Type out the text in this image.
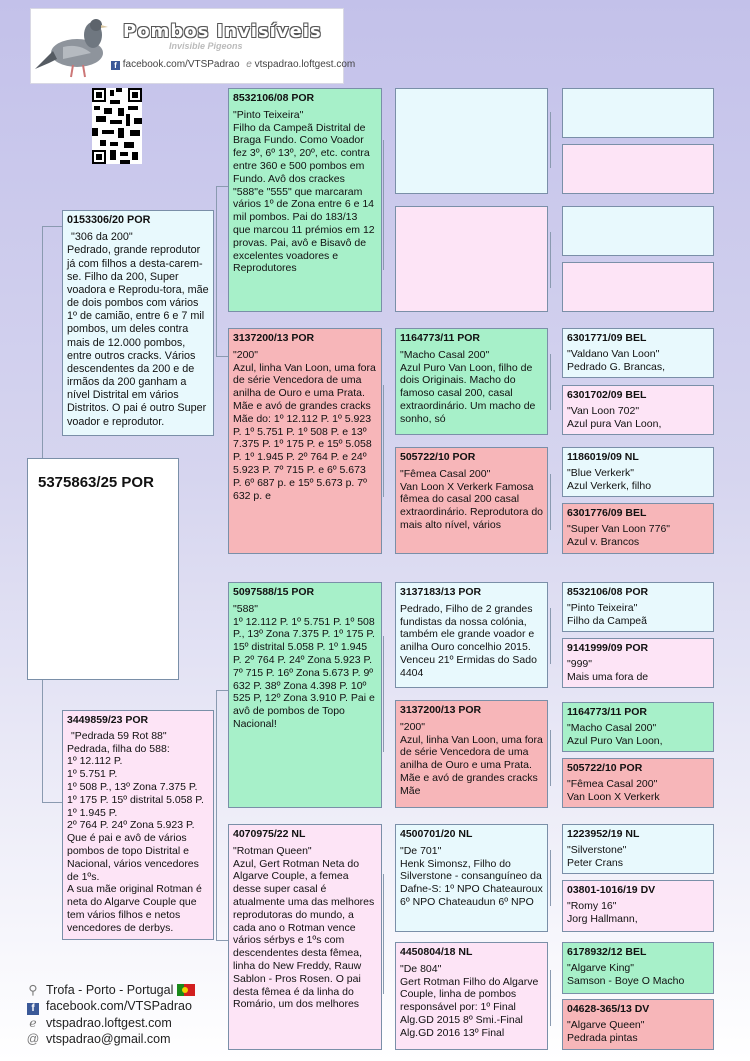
Pombos Invisíveis
Invisible Pigeons
f facebook.com/VTSPadrao e vtspadrao.loftgest.com
5375863/25 POR
0153306/20 POR
"306 da 200"
Pedrado, grande reprodutor já com filhos a desta-carem-se. Filho da 200, Super voadora e Reprodu-tora, mãe de dois pombos com vários 1º de camião, entre 6 e 7 mil pombos, um deles contra mais de 12.000 pombos, entre outros cracks. Vários descendentes da 200 e de irmãos da 200 ganham a nível Distrital em vários Distritos. O pai é outro Super voador e reprodutor.
3449859/23 POR
"Pedrada 59 Rot 88"
Pedrada, filha do 588:
1º 12.112 P.
1º 5.751 P.
1º 508 P., 13º Zona 7.375 P.
1º 175 P. 15º distrital 5.058 P.
1º 1.945 P.
2º 764 P. 24º Zona 5.923 P.
Que é pai e avô de vários pombos de topo Distrital e Nacional, vários vencedores de 1ºs.
A sua mãe original Rotman é neta do Algarve Couple que tem vários filhos e netos vencedores de derbys.
8532106/08 POR
"Pinto Teixeira"
Filho da Campeã Distrital de Braga Fundo. Como Voador fez 3º, 6º 13º, 20º, etc. contra entre 360 e 500 pombos em Fundo. Avô dos crackes "588"e "555" que marcaram vários 1º de Zona entre 6 e 14 mil pombos. Pai do 183/13 que marcou 11 prémios em 12 provas. Pai, avô e Bisavô de excelentes voadores e Reprodutores
3137200/13 POR
"200"
Azul, linha Van Loon, uma fora de série Vencedora de uma anilha de Ouro e uma Prata. Mãe e avó de grandes cracks Mãe do: 1º 12.112 P. 1º 5.923 P. 1º 5.751 P. 1º 508 P. e 13º 7.375 P. 1º 175 P. e 15º 5.058 P. 1º 1.945 P. 2º 764 P. e 24º 5.923 P. 7º 715 P. e 6º 5.673 P. 6º 687 p. e 15º 5.673 p. 7º 632 p. e
5097588/15 POR
"588"
1º 12.112 P. 1º 5.751 P. 1º 508 P., 13º Zona 7.375 P. 1º 175 P. 15º distrital 5.058 P. 1º 1.945 P. 2º 764 P. 24º Zona 5.923 P. 7º 715 P. 16º Zona 5.673 P. 9º 632 P. 38º Zona 4.398 P. 10º 525 P, 12º Zona 3.910 P. Pai e avô de pombos de Topo Nacional!
4070975/22 NL
"Rotman Queen"
Azul, Gert Rotman Neta do Algarve Couple, a femea desse super casal é atualmente uma das melhores reprodutoras do mundo, a cada ano o Rotman vence vários sérbys e 1ºs com descendentes desta fêmea, linha do New Freddy, Rauw Sablon - Pros Rosen. O pai desta fêmea é da linha do Romário, um dos melhores
1164773/11 POR
"Macho Casal 200"
Azul Puro Van Loon, filho de dois Originais. Macho do famoso casal 200, casal extraordinário. Um macho de sonho, só
505722/10 POR
"Fêmea Casal 200"
Van Loon X Verkerk Famosa fêmea do casal 200 casal extraordinário. Reprodutora do mais alto nível, vários
3137183/13 POR
Pedrado, Filho de 2 grandes fundistas da nossa colónia, também ele grande voador e anilha Ouro concelhio 2015. Venceu 21º Ermidas do Sado 4404
3137200/13 POR
"200"
Azul, linha Van Loon, uma fora de série Vencedora de uma anilha de Ouro e uma Prata. Mãe e avó de grandes cracks Mãe
4500701/20 NL
"De 701"
Henk Simonsz, Filho do Silverstone - consanguíneo da Dafne-S: 1º NPO Chateauroux 6º NPO Chateaudun 6º NPO
4450804/18 NL
"De 804"
Gert Rotman Filho do Algarve Couple, linha de pombos responsável por: 1º Final Alg.GD 2015 8º Smi.-Final Alg.GD 2016 13º Final
6301771/09 BEL
"Valdano Van Loon"
Pedrado G. Brancas,
6301702/09 BEL
"Van Loon 702"
Azul pura Van Loon,
1186019/09 NL
"Blue Verkerk"
Azul Verkerk, filho
6301776/09 BEL
"Super Van Loon 776"
Azul v. Brancos
8532106/08 POR
"Pinto Teixeira"
Filho da Campeã
9141999/09 POR
"999"
Mais uma fora de
1164773/11 POR
"Macho Casal 200"
Azul Puro Van Loon,
505722/10 POR
"Fêmea Casal 200"
Van Loon X Verkerk
1223952/19 NL
"Silverstone"
Peter Crans
03801-1016/19 DV
"Romy 16"
Jorg Hallmann,
6178932/12 BEL
"Algarve King"
Samson - Boye O Macho
04628-365/13 DV
"Algarve Queen"
Pedrada pintas
⚲ Trofa - Porto - Portugal
f facebook.com/VTSPadrao
e vtspadrao.loftgest.com
@ vtspadrao@gmail.com
